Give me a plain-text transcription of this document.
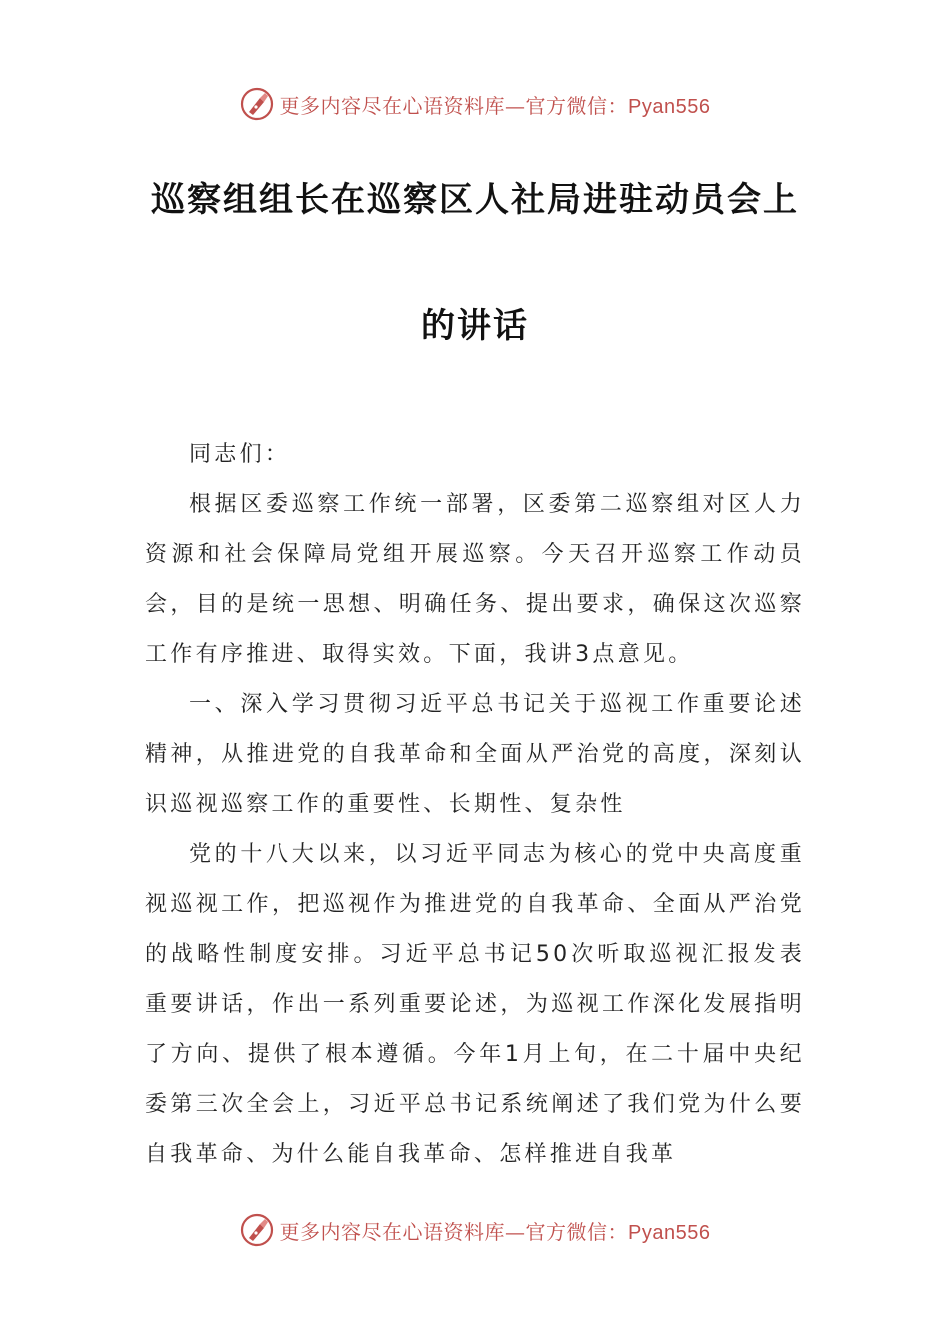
更多内容尽在心语资料库—官方微信：Pyan556
巡察组组长在巡察区人社局进驻动员会上
的讲话

同志们：

根据区委巡察工作统一部署，区委第二巡察组对区人力资源和社会保障局党组开展巡察。今天召开巡察工作动员会，目的是统一思想、明确任务、提出要求，确保这次巡察工作有序推进、取得实效。下面，我讲3点意见。

一、深入学习贯彻习近平总书记关于巡视工作重要论述精神，从推进党的自我革命和全面从严治党的高度，深刻认识巡视巡察工作的重要性、长期性、复杂性

党的十八大以来，以习近平同志为核心的党中央高度重视巡视工作，把巡视作为推进党的自我革命、全面从严治党的战略性制度安排。习近平总书记50次听取巡视汇报发表重要讲话，作出一系列重要论述，为巡视工作深化发展指明了方向、提供了根本遵循。今年1月上旬，在二十届中央纪委第三次全会上，习近平总书记系统阐述了我们党为什么要自我革命、为什么能自我革命、怎样推进自我革

更多内容尽在心语资料库—官方微信：Pyan556
